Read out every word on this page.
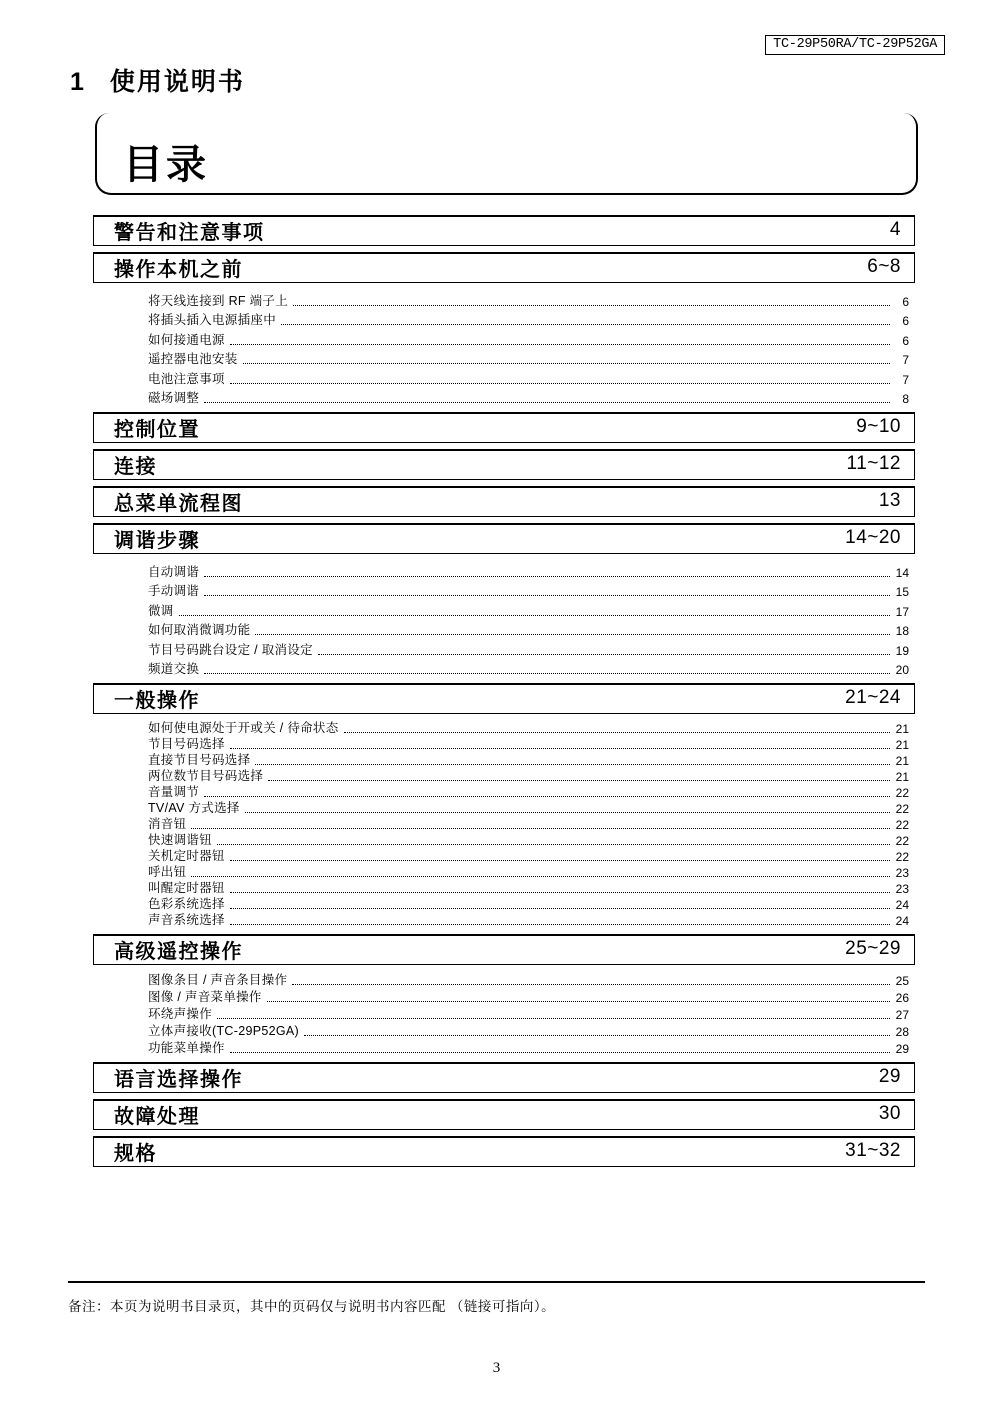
TC-29P50RA/TC-29P52GA
1 使用说明书
目录
警告和注意事项	4
操作本机之前	6~8
将天线连接到 RF 端子上	6
将插头插入电源插座中	6
如何接通电源	6
遥控器电池安装	7
电池注意事项	7
磁场调整	8
控制位置	9~10
连接	11~12
总菜单流程图	13
调谐步骤	14~20
自动调谐	14
手动调谐	15
微调	17
如何取消微调功能	18
节目号码跳台设定 / 取消设定	19
频道交换	20
一般操作	21~24
如何使电源处于开或关 / 待命状态	21
节目号码选择	21
直接节目号码选择	21
两位数节目号码选择	21
音量调节	22
TV/AV 方式选择	22
消音钮	22
快速调谐钮	22
关机定时器钮	22
呼出钮	23
叫醒定时器钮	23
色彩系统选择	24
声音系统选择	24
高级遥控操作	25~29
图像条目 / 声音条目操作	25
图像 / 声音菜单操作	26
环绕声操作	27
立体声接收(TC-29P52GA)	28
功能菜单操作	29
语言选择操作	29
故障处理	30
规格	31~32
备注：本页为说明书目录页，其中的页码仅与说明书内容匹配 （链接可指向）。
3
